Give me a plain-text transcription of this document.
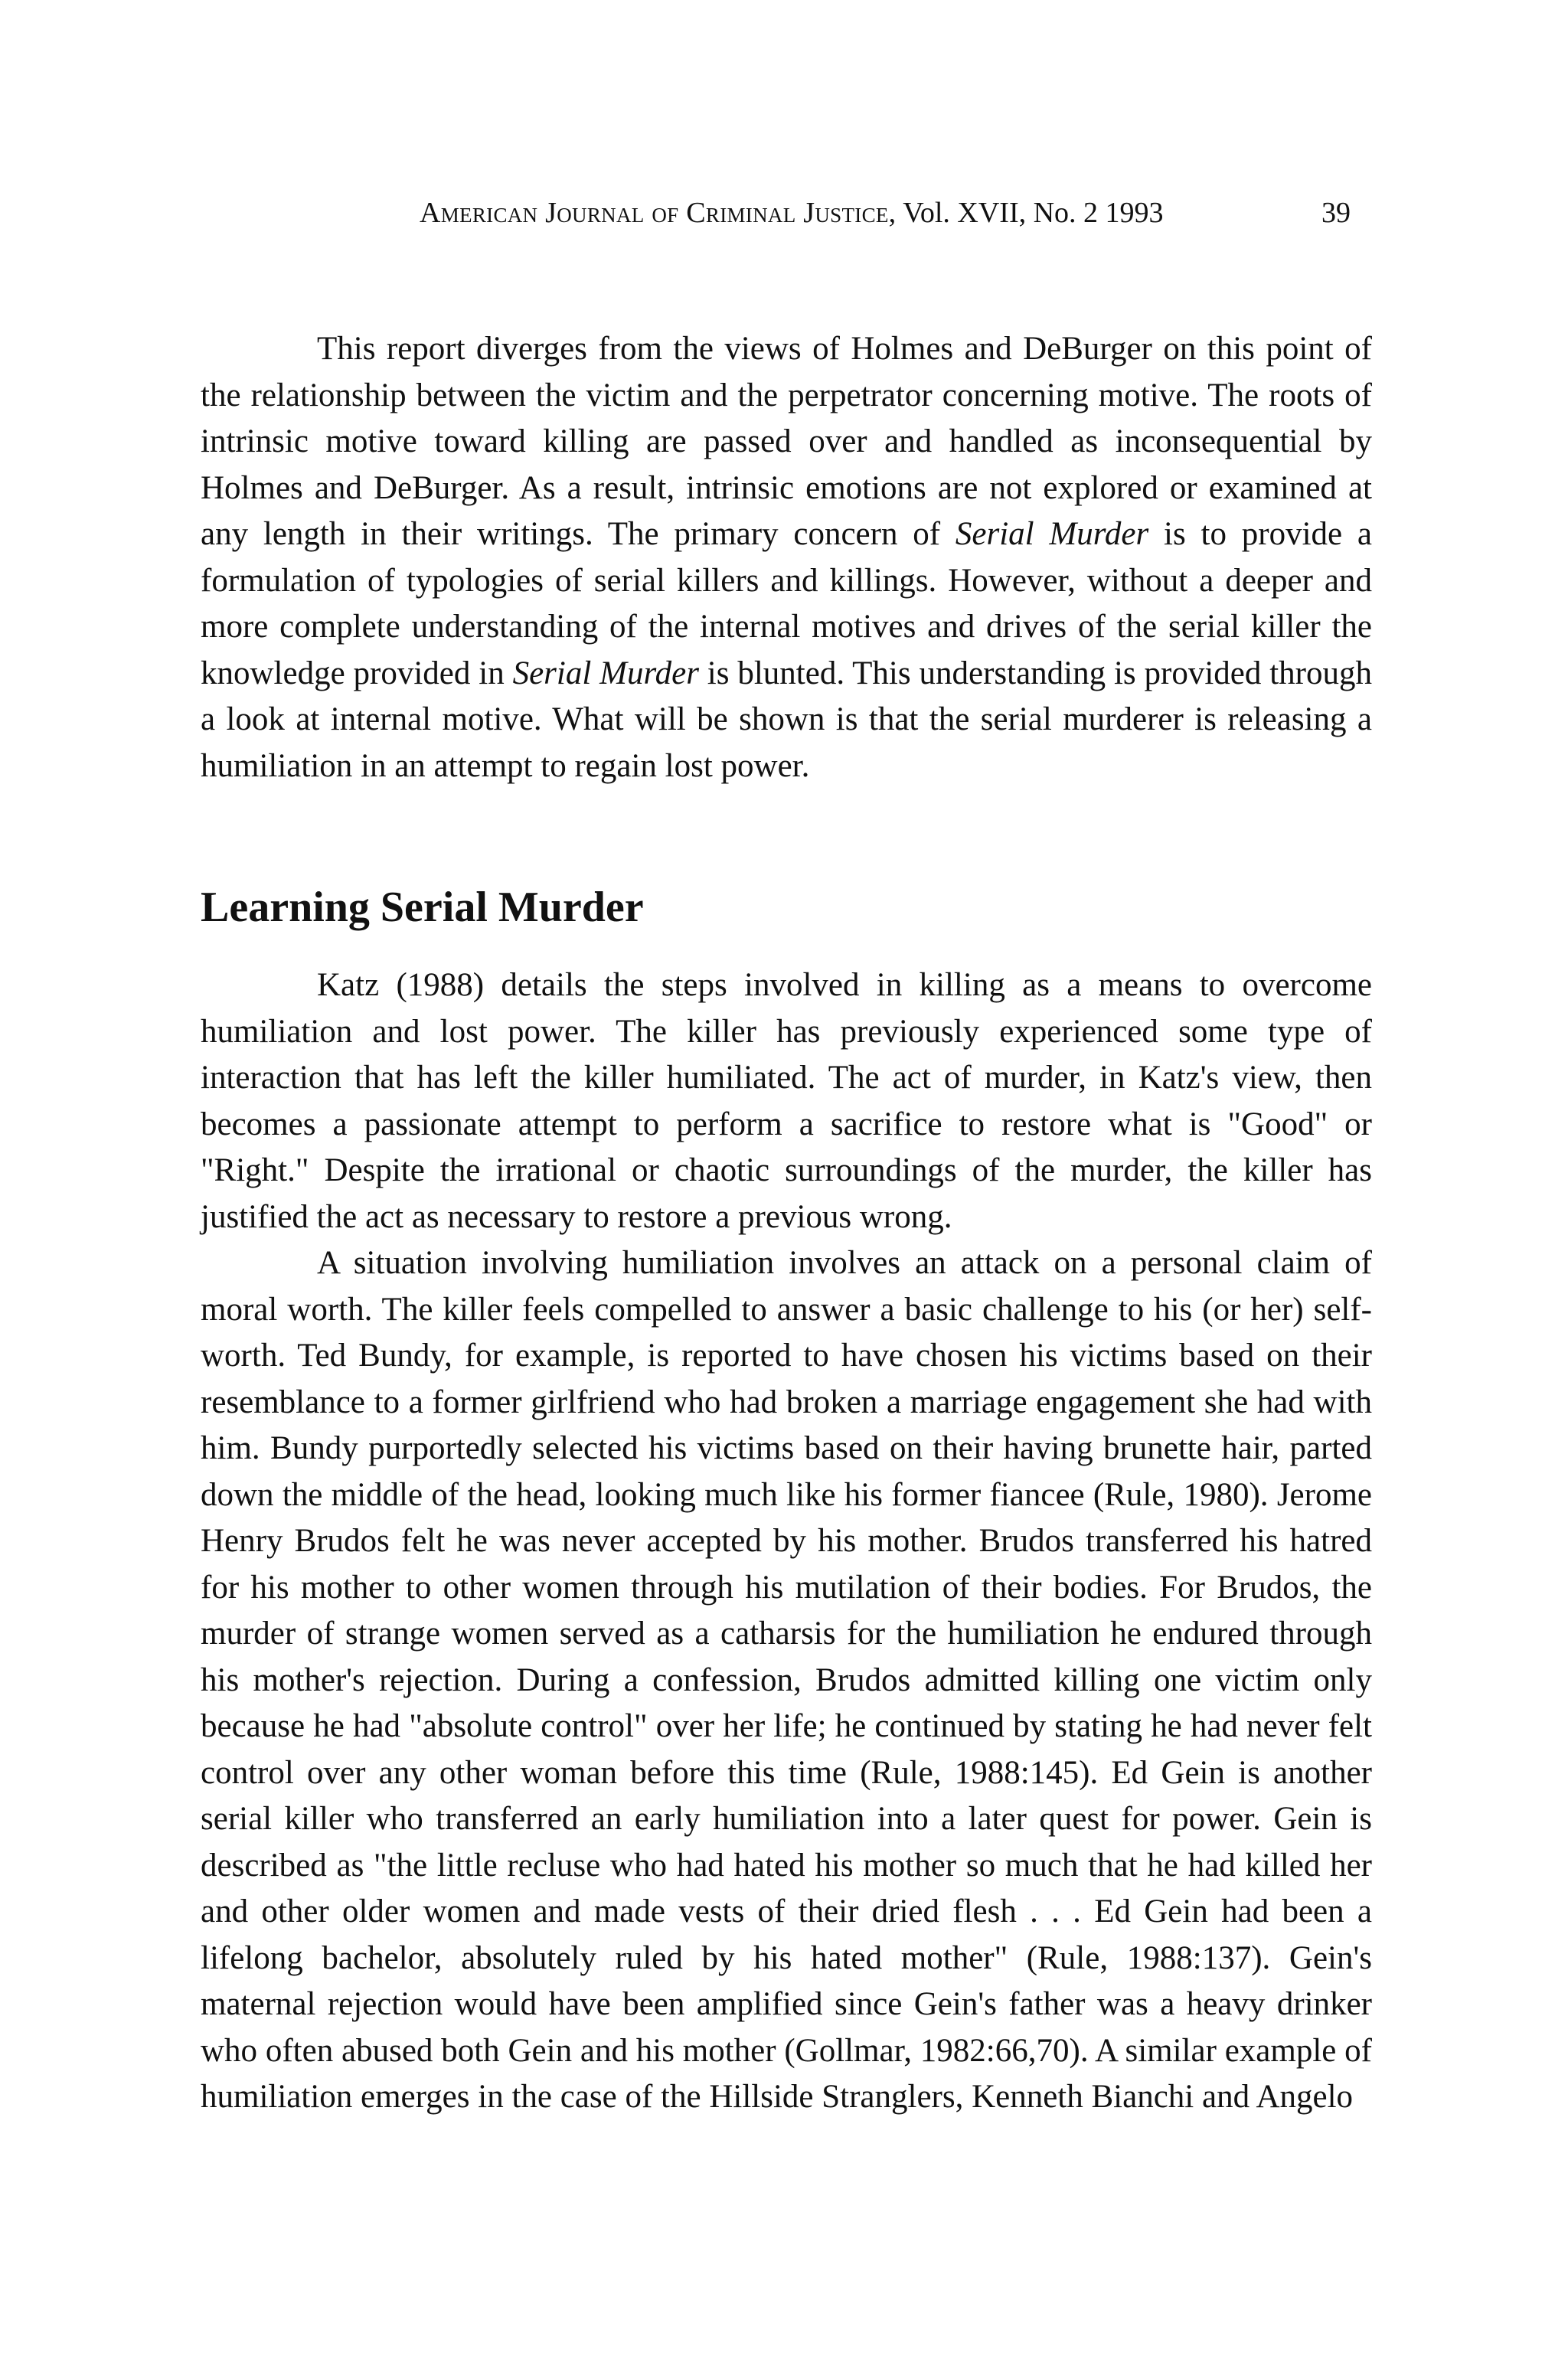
American Journal of Criminal Justice, Vol. XVII, No. 2 1993	39

This report diverges from the views of Holmes and DeBurger on this point of the relationship between the victim and the perpetrator concerning motive. The roots of intrinsic motive toward killing are passed over and handled as inconsequential by Holmes and DeBurger. As a result, intrinsic emotions are not explored or examined at any length in their writings. The primary concern of Serial Murder is to provide a formulation of typologies of serial killers and killings. However, without a deeper and more complete understanding of the internal motives and drives of the serial killer the knowledge provided in Serial Murder is blunted. This understanding is provided through a look at internal motive. What will be shown is that the serial murderer is releasing a humiliation in an attempt to regain lost power.

Learning Serial Murder

Katz (1988) details the steps involved in killing as a means to overcome humiliation and lost power. The killer has previously experienced some type of interaction that has left the killer humiliated. The act of murder, in Katz's view, then becomes a passionate attempt to perform a sacrifice to restore what is "Good" or "Right." Despite the irrational or chaotic surroundings of the murder, the killer has justified the act as necessary to restore a previous wrong.

A situation involving humiliation involves an attack on a personal claim of moral worth. The killer feels compelled to answer a basic challenge to his (or her) self-worth. Ted Bundy, for example, is reported to have chosen his victims based on their resemblance to a former girlfriend who had broken a marriage engagement she had with him. Bundy purportedly selected his victims based on their having brunette hair, parted down the middle of the head, looking much like his former fiancee (Rule, 1980). Jerome Henry Brudos felt he was never accepted by his mother. Brudos transferred his hatred for his mother to other women through his mutilation of their bodies. For Brudos, the murder of strange women served as a catharsis for the humiliation he endured through his mother's rejection. During a confession, Brudos admitted killing one victim only because he had "absolute control" over her life; he continued by stating he had never felt control over any other woman before this time (Rule, 1988:145). Ed Gein is another serial killer who transferred an early humiliation into a later quest for power. Gein is described as "the little recluse who had hated his mother so much that he had killed her and other older women and made vests of their dried flesh . . . Ed Gein had been a lifelong bachelor, absolutely ruled by his hated mother" (Rule, 1988:137). Gein's maternal rejection would have been amplified since Gein's father was a heavy drinker who often abused both Gein and his mother (Gollmar, 1982:66,70). A similar example of humiliation emerges in the case of the Hillside Stranglers, Kenneth Bianchi and Angelo
